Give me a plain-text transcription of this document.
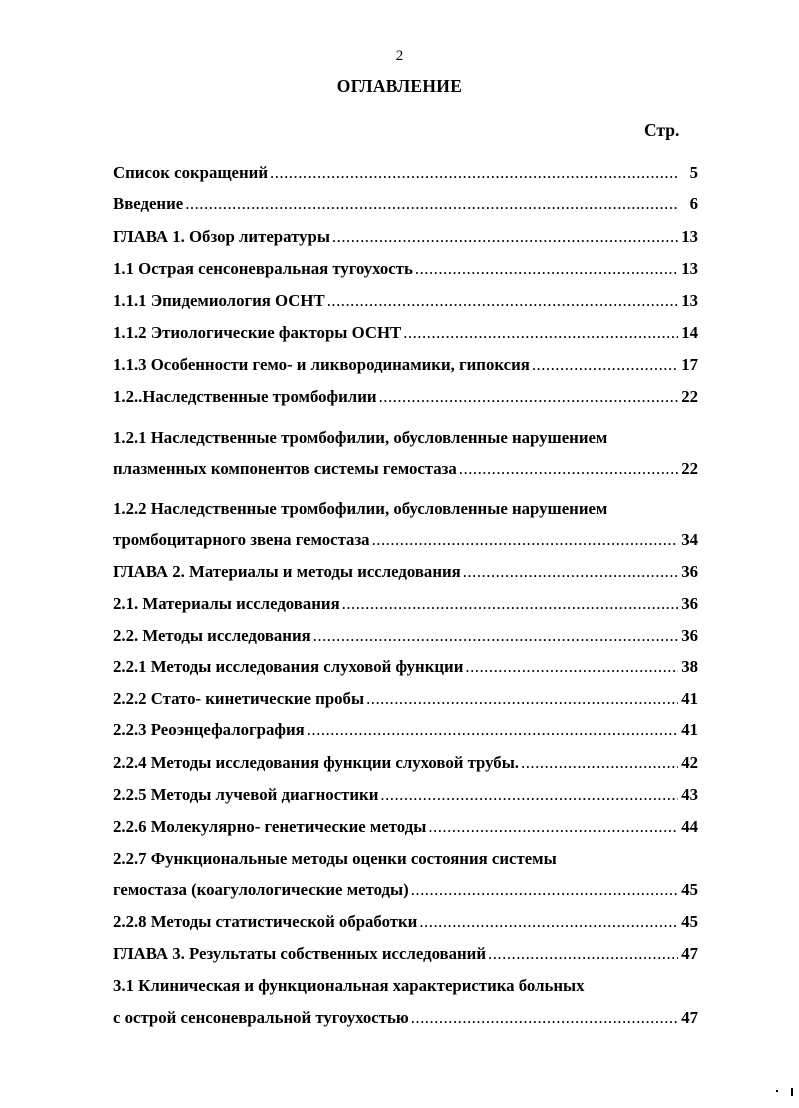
2
ОГЛАВЛЕНИЕ
Стр.
Список сокращений .....	5
Введение .....	6
ГЛАВА 1. Обзор литературы .....	13
1.1 Острая сенсоневральная тугоухость .....	13
1.1.1 Эпидемиология ОСНТ .....	13
1.1.2 Этиологические факторы ОСНТ .....	14
1.1.3 Особенности гемо- и ликвородинамики, гипоксия .....	17
1.2..Наследственные тромбофилии .....	22
1.2.1 Наследственные тромбофилии, обусловленные нарушением
плазменных компонентов системы гемостаза .....	22
1.2.2 Наследственные тромбофилии, обусловленные нарушением
тромбоцитарного звена гемостаза .....	34
ГЛАВА 2. Материалы и методы исследования .....	36
2.1. Материалы исследования .....	36
2.2. Методы исследования .....	36
2.2.1 Методы исследования слуховой функции .....	38
2.2.2 Стато- кинетические пробы .....	41
2.2.3 Реоэнцефалография .....	41
2.2.4 Методы исследования функции слуховой трубы. .....	42
2.2.5 Методы лучевой диагностики .....	43
2.2.6 Молекулярно- генетические методы .....	44
2.2.7 Функциональные методы оценки состояния системы
гемостаза (коагулологические методы) .....	45
2.2.8 Методы статистической обработки .....	45
ГЛАВА 3. Результаты собственных исследований .....	47
3.1 Клиническая и функциональная характеристика больных
с острой сенсоневральной тугоухостью .....	47
